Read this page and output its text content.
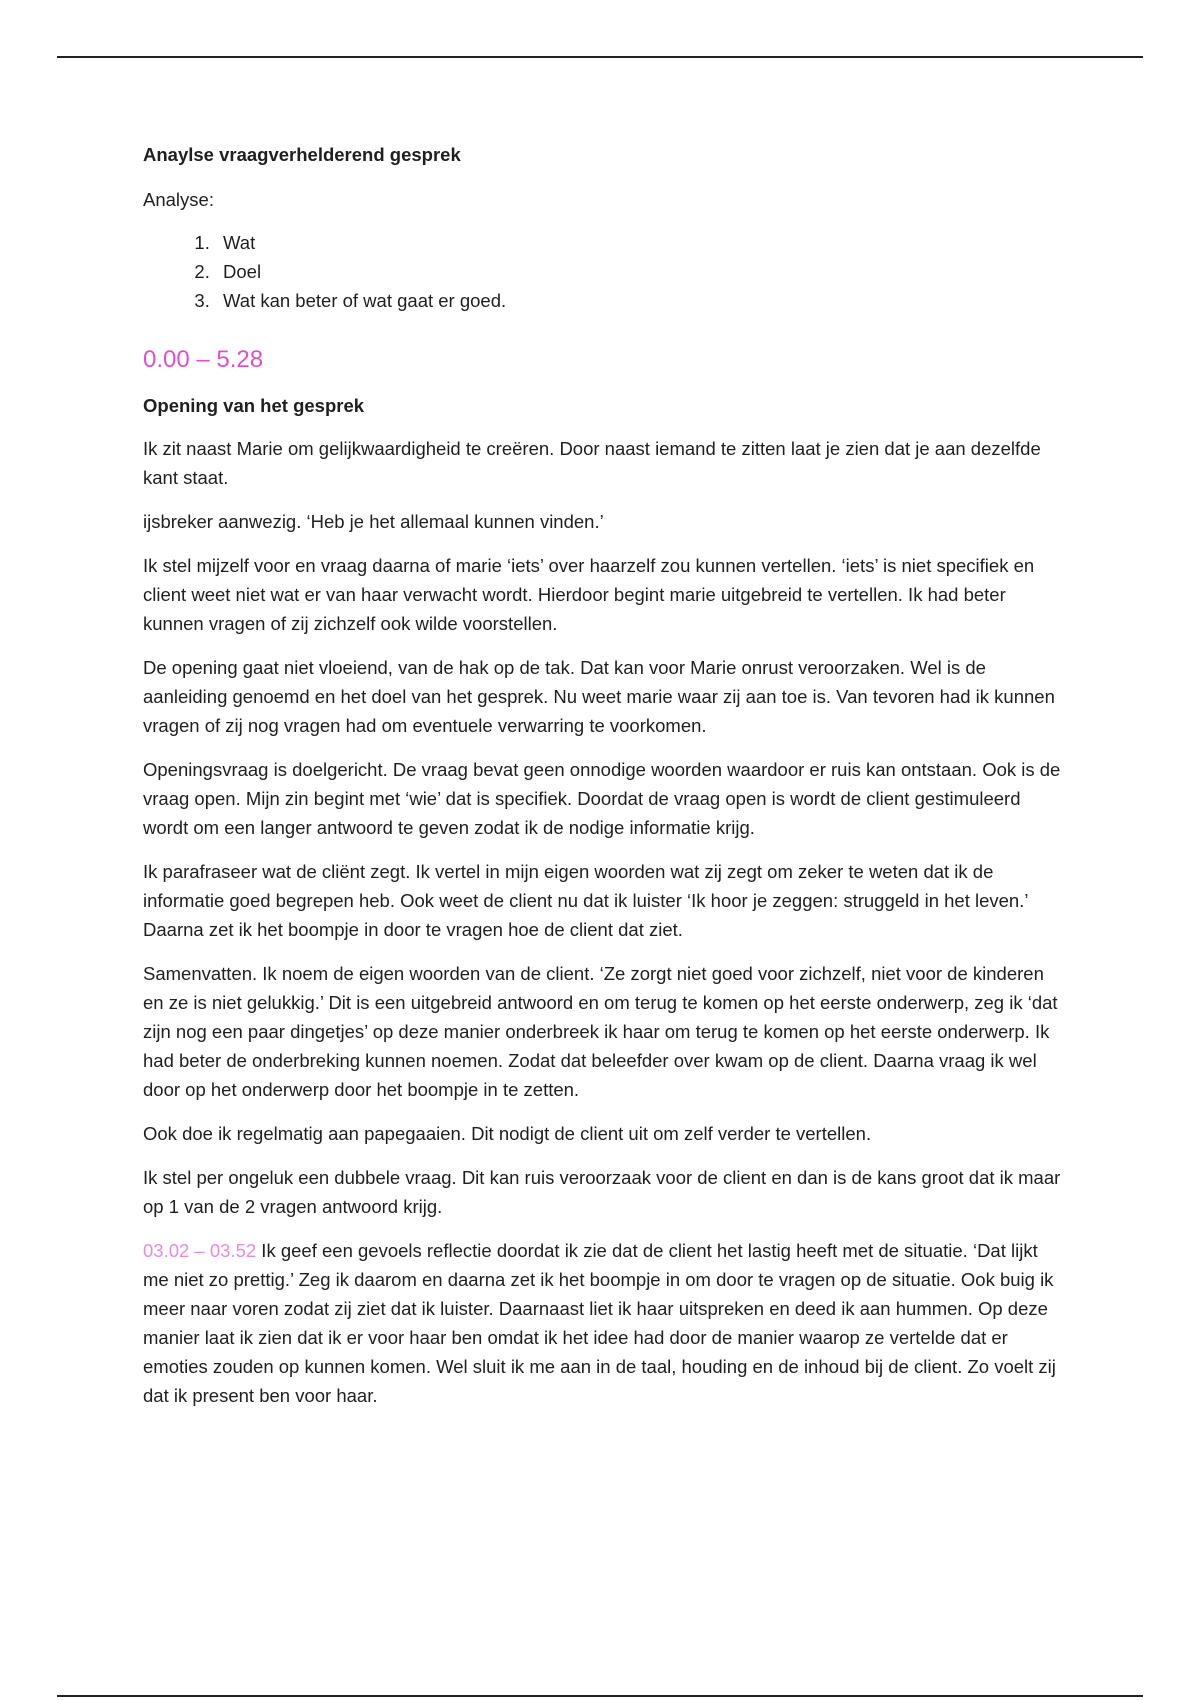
Anaylse vraagverhelderend gesprek
Analyse:
1. Wat
2. Doel
3. Wat kan beter of wat gaat er goed.
0.00 – 5.28
Opening van het gesprek

Ik zit naast Marie om gelijkwaardigheid te creëren. Door naast iemand te zitten laat je zien dat je aan dezelfde kant staat.

ijsbreker aanwezig. ‘Heb je het allemaal kunnen vinden.’

Ik stel mijzelf voor en vraag daarna of marie ‘iets’ over haarzelf zou kunnen vertellen. ‘iets’ is niet specifiek en client weet niet wat er van haar verwacht wordt. Hierdoor begint marie uitgebreid te vertellen. Ik had beter kunnen vragen of zij zichzelf ook wilde voorstellen.

De opening gaat niet vloeiend, van de hak op de tak. Dat kan voor Marie onrust veroorzaken. Wel is de aanleiding genoemd en het doel van het gesprek. Nu weet marie waar zij aan toe is. Van tevoren had ik kunnen vragen of zij nog vragen had om eventuele verwarring te voorkomen.

Openingsvraag is doelgericht. De vraag bevat geen onnodige woorden waardoor er ruis kan ontstaan. Ook is de vraag open. Mijn zin begint met ‘wie’ dat is specifiek. Doordat de vraag open is wordt de client gestimuleerd wordt om een langer antwoord te geven zodat ik de nodige informatie krijg.

Ik parafraseer wat de cliënt zegt. Ik vertel in mijn eigen woorden wat zij zegt om zeker te weten dat ik de informatie goed begrepen heb. Ook weet de client nu dat ik luister ‘Ik hoor je zeggen: struggeld in het leven.’ Daarna zet ik het boompje in door te vragen hoe de client dat ziet.

Samenvatten. Ik noem de eigen woorden van de client. ‘Ze zorgt niet goed voor zichzelf, niet voor de kinderen en ze is niet gelukkig.’ Dit is een uitgebreid antwoord en om terug te komen op het eerste onderwerp, zeg ik ‘dat zijn nog een paar dingetjes’ op deze manier onderbreek ik haar om terug te komen op het eerste onderwerp. Ik had beter de onderbreking kunnen noemen. Zodat dat beleefder over kwam op de client. Daarna vraag ik wel door op het onderwerp door het boompje in te zetten.

Ook doe ik regelmatig aan papegaaien. Dit nodigt de client uit om zelf verder te vertellen.

Ik stel per ongeluk een dubbele vraag. Dit kan ruis veroorzaak voor de client en dan is de kans groot dat ik maar op 1 van de 2 vragen antwoord krijg.

03.02 – 03.52 Ik geef een gevoels reflectie doordat ik zie dat de client het lastig heeft met de situatie. ‘Dat lijkt me niet zo prettig.’ Zeg ik daarom en daarna zet ik het boompje in om door te vragen op de situatie. Ook buig ik meer naar voren zodat zij ziet dat ik luister. Daarnaast liet ik haar uitspreken en deed ik aan hummen. Op deze manier laat ik zien dat ik er voor haar ben omdat ik het idee had door de manier waarop ze vertelde dat er emoties zouden op kunnen komen. Wel sluit ik me aan in de taal, houding en de inhoud bij de client. Zo voelt zij dat ik present ben voor haar.
